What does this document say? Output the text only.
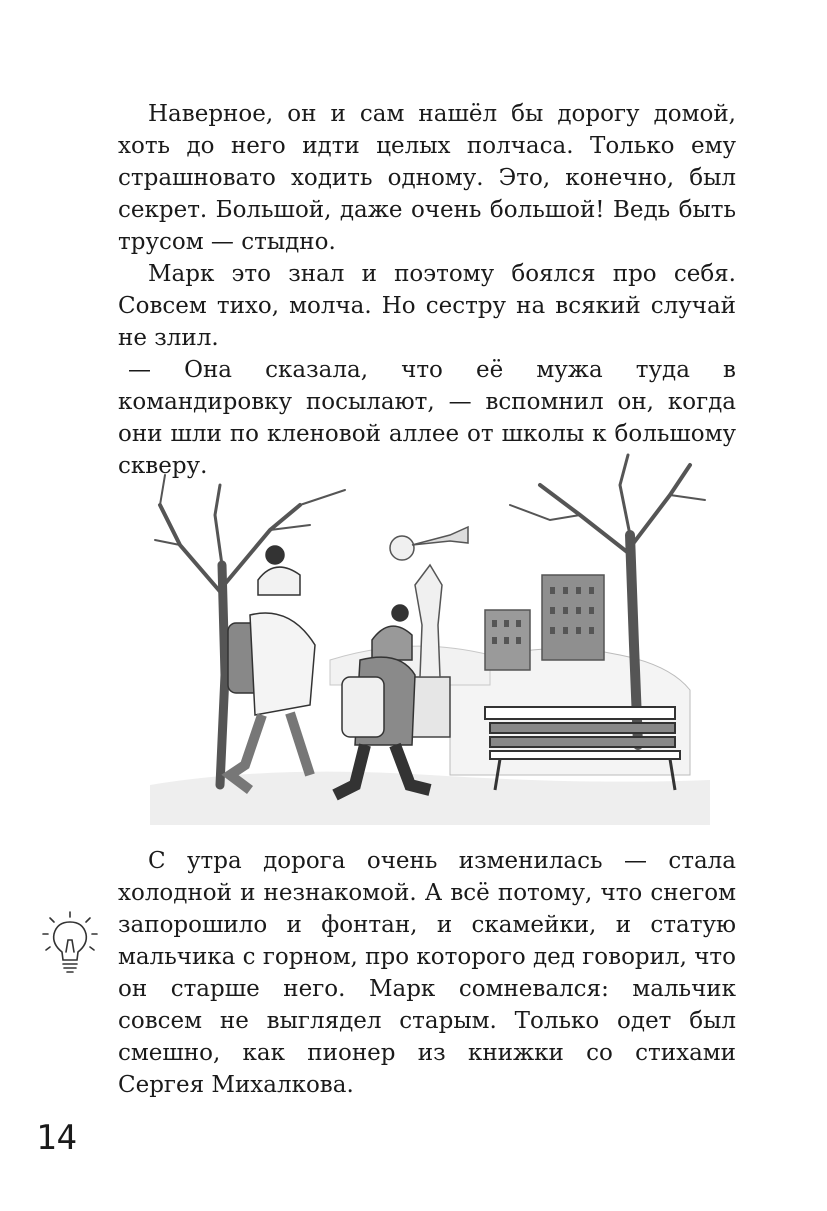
Наверное, он и сам нашёл бы дорогу домой, хоть до него идти целых полчаса. Только ему страшновато ходить одному. Это, конечно, был секрет. Большой, даже очень большой! Ведь быть трусом — стыдно.

Марк это знал и поэтому боялся про себя. Совсем тихо, молча. Но сестру на всякий случай не злил.

— Она сказала, что её мужа туда в командировку посылают, — вспомнил он, когда они шли по кленовой аллее от школы к большому скверу.

С утра дорога очень изменилась — стала холодной и незнакомой. А всё потому, что снегом запорошило и фонтан, и скамейки, и статую мальчика с горном, про которого дед говорил, что он старше него. Марк сомневался: мальчик совсем не выглядел старым. Только одет был смешно, как пионер из книжки со стихами Сергея Михалкова.

14
